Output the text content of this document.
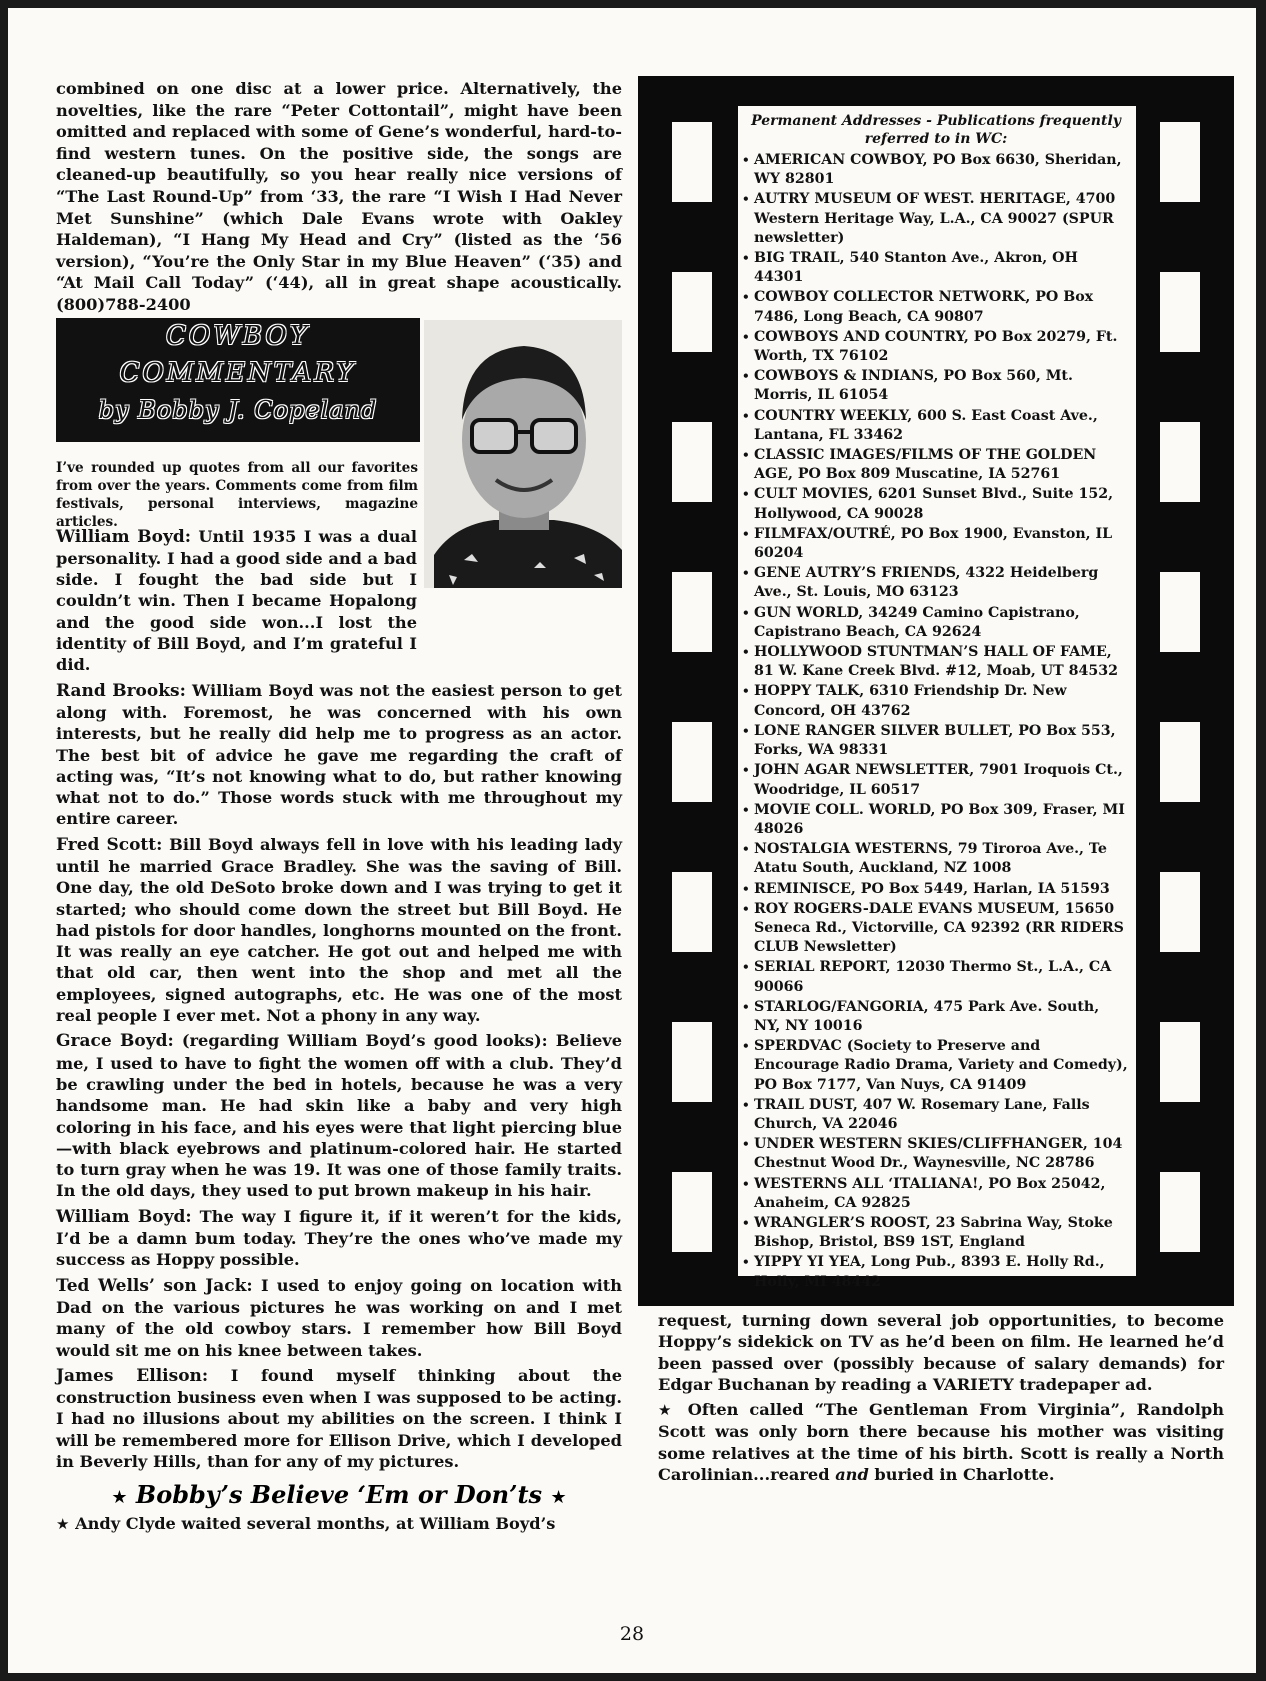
combined on one disc at a lower price. Alternatively, the novelties, like the rare “Peter Cottontail”, might have been omitted and replaced with some of Gene’s wonderful, hard-to-find western tunes. On the positive side, the songs are cleaned-up beautifully, so you hear really nice versions of “The Last Round-Up” from ‘33, the rare “I Wish I Had Never Met Sunshine” (which Dale Evans wrote with Oakley Haldeman), “I Hang My Head and Cry” (listed as the ‘56 version), “You’re the Only Star in my Blue Heaven” (‘35) and “At Mail Call Today” (‘44), all in great shape acoustically. (800)788-2400

COWBOY
COMMENTARY
by Bobby J. Copeland

I’ve rounded up quotes from all our favorites from over the years. Comments come from film festivals, personal interviews, magazine articles.

William Boyd: Until 1935 I was a dual personality. I had a good side and a bad side. I fought the bad side but I couldn’t win. Then I became Hopalong and the good side won...I lost the identity of Bill Boyd, and I’m grateful I did.

Rand Brooks: William Boyd was not the easiest person to get along with. Foremost, he was concerned with his own interests, but he really did help me to progress as an actor. The best bit of advice he gave me regarding the craft of acting was, “It’s not knowing what to do, but rather knowing what not to do.” Those words stuck with me throughout my entire career.

Fred Scott: Bill Boyd always fell in love with his leading lady until he married Grace Bradley. She was the saving of Bill. One day, the old DeSoto broke down and I was trying to get it started; who should come down the street but Bill Boyd. He had pistols for door handles, longhorns mounted on the front. It was really an eye catcher. He got out and helped me with that old car, then went into the shop and met all the employees, signed autographs, etc. He was one of the most real people I ever met. Not a phony in any way.

Grace Boyd: (regarding William Boyd’s good looks): Believe me, I used to have to fight the women off with a club. They’d be crawling under the bed in hotels, because he was a very handsome man. He had skin like a baby and very high coloring in his face, and his eyes were that light piercing blue—with black eyebrows and platinum-colored hair. He started to turn gray when he was 19. It was one of those family traits. In the old days, they used to put brown makeup in his hair.

William Boyd: The way I figure it, if it weren’t for the kids, I’d be a damn bum today. They’re the ones who’ve made my success as Hoppy possible.

Ted Wells’ son Jack: I used to enjoy going on location with Dad on the various pictures he was working on and I met many of the old cowboy stars. I remember how Bill Boyd would sit me on his knee between takes.

James Ellison: I found myself thinking about the construction business even when I was supposed to be acting. I had no illusions about my abilities on the screen. I think I will be remembered more for Ellison Drive, which I developed in Beverly Hills, than for any of my pictures.

★ Bobby’s Believe ‘Em or Don’ts ★

★ Andy Clyde waited several months, at William Boyd’s

Permanent Addresses - Publications frequently referred to in WC:
• AMERICAN COWBOY, PO Box 6630, Sheridan, WY 82801
• AUTRY MUSEUM OF WEST. HERITAGE, 4700 Western Heritage Way, L.A., CA 90027 (SPUR newsletter)
• BIG TRAIL, 540 Stanton Ave., Akron, OH 44301
• COWBOY COLLECTOR NETWORK, PO Box 7486, Long Beach, CA 90807
• COWBOYS AND COUNTRY, PO Box 20279, Ft. Worth, TX 76102
• COWBOYS & INDIANS, PO Box 560, Mt. Morris, IL 61054
• COUNTRY WEEKLY, 600 S. East Coast Ave., Lantana, FL 33462
• CLASSIC IMAGES/FILMS OF THE GOLDEN AGE, PO Box 809 Muscatine, IA 52761
• CULT MOVIES, 6201 Sunset Blvd., Suite 152, Hollywood, CA 90028
• FILMFAX/OUTRÉ, PO Box 1900, Evanston, IL 60204
• GENE AUTRY’S FRIENDS, 4322 Heidelberg Ave., St. Louis, MO 63123
• GUN WORLD, 34249 Camino Capistrano, Capistrano Beach, CA 92624
• HOLLYWOOD STUNTMAN’S HALL OF FAME, 81 W. Kane Creek Blvd. #12, Moab, UT 84532
• HOPPY TALK, 6310 Friendship Dr. New Concord, OH 43762
• LONE RANGER SILVER BULLET, PO Box 553, Forks, WA 98331
• JOHN AGAR NEWSLETTER, 7901 Iroquois Ct., Woodridge, IL 60517
• MOVIE COLL. WORLD, PO Box 309, Fraser, MI 48026
• NOSTALGIA WESTERNS, 79 Tiroroa Ave., Te Atatu South, Auckland, NZ 1008
• REMINISCE, PO Box 5449, Harlan, IA 51593
• ROY ROGERS-DALE EVANS MUSEUM, 15650 Seneca Rd., Victorville, CA 92392 (RR RIDERS CLUB Newsletter)
• SERIAL REPORT, 12030 Thermo St., L.A., CA 90066
• STARLOG/FANGORIA, 475 Park Ave. South, NY, NY 10016
• SPERDVAC (Society to Preserve and Encourage Radio Drama, Variety and Comedy), PO Box 7177, Van Nuys, CA 91409
• TRAIL DUST, 407 W. Rosemary Lane, Falls Church, VA 22046
• UNDER WESTERN SKIES/CLIFFHANGER, 104 Chestnut Wood Dr., Waynesville, NC 28786
• WESTERNS ALL ‘ITALIANA!, PO Box 25042, Anaheim, CA 92825
• WRANGLER’S ROOST, 23 Sabrina Way, Stoke Bishop, Bristol, BS9 1ST, England
• YIPPY YI YEA, Long Pub., 8393 E. Holly Rd., Holly, MI 48442

request, turning down several job opportunities, to become Hoppy’s sidekick on TV as he’d been on film. He learned he’d been passed over (possibly because of salary demands) for Edgar Buchanan by reading a VARIETY tradepaper ad.

★ Often called “The Gentleman From Virginia”, Randolph Scott was only born there because his mother was visiting some relatives at the time of his birth. Scott is really a North Carolinian...reared and buried in Charlotte.

28
